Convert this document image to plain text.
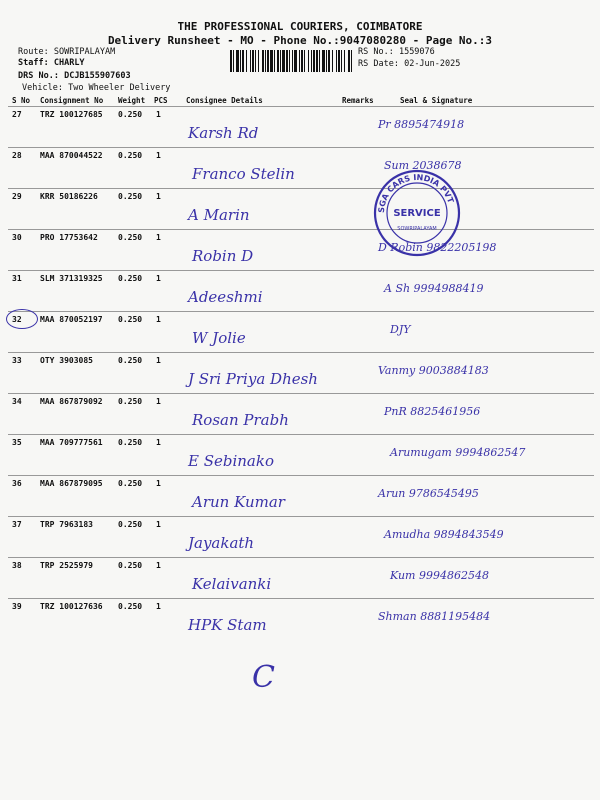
THE PROFESSIONAL COURIERS, COIMBATORE
Delivery Runsheet - MO - Phone No.:9047080280 - Page No.:3
Route: SOWRIPALAYAM
Staff: CHARLY
DRS No.: DCJB155907603
Vehicle: Two Wheeler Delivery
RS No.: 1559076
RS Date: 02-Jun-2025
S No Consignment No Weight PCS Consignee Details	Remarks	Seal & Signature
27 TRZ 100127685 0.250 1
Karsh Rd	Pr 8895474918
28 MAA 870044522 0.250 1
Franco Stelin	Sum 2038678
29 KRR 50186226	0.250 1
A Marin
30 PRO 17753642	0.250 1
Robin D	D Robin 9822205198
31 SLM 371319325 0.250 1
Adeeshmi	A Sh 9994988419
32 MAA 870052197 0.250 1
W Jolie	DJY
33 OTY 3903085	0.250 1
J Sri Priya Dhesh	Vanmy 9003884183
34 MAA 867879092 0.250 1
Rosan Prabh	PnR 8825461956
35 MAA 709777561 0.250 1
E Sebinako	Arumugam 9994862547
36 MAA 867879095 0.250 1
Arun Kumar	Arun 9786545495
37 TRP 7963183	0.250 1
Jayakath	Amudha 9894843549
38 TRP 2525979	0.250 1
Kelaivanki	Kum 9994862548
39 TRZ 100127636 0.250 1
HPK Stam	Shman 8881195484
SGA CARS INDIA PVT
SERVICE
SOWRIPALAYAM
C
